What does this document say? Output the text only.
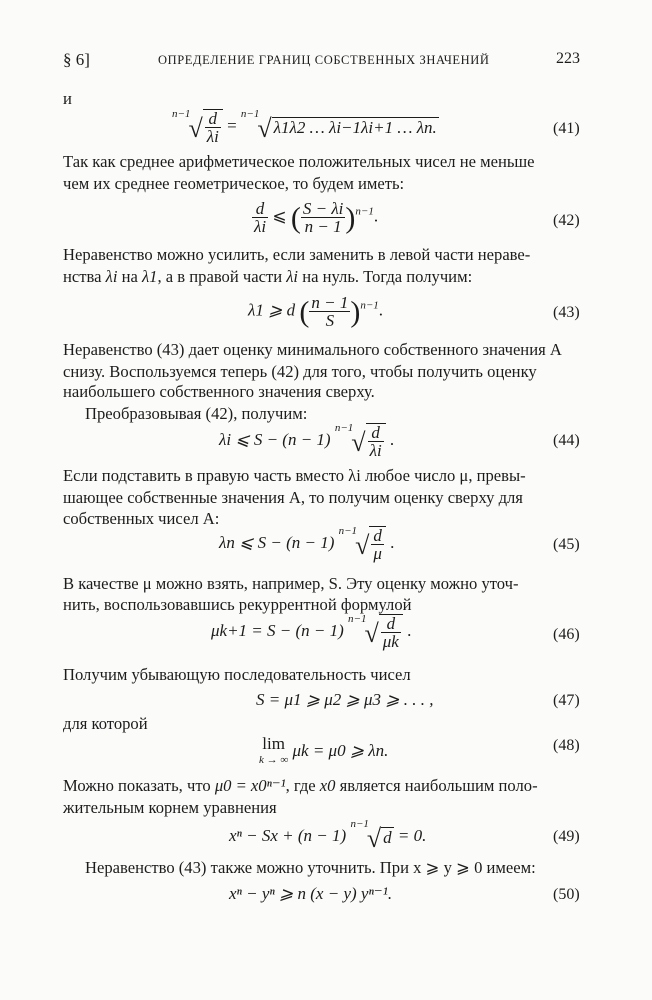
§ 6]	ОПРЕДЕЛЕНИЕ ГРАНИЦ СОБСТВЕННЫХ ЗНАЧЕНИЙ	223
и
$^{n-1}√ \frac{d}{\lambda i} = ^{n-1}√$ λ1λ2 … λi−1λi+1 … λn.	(41)
Так как среднее арифметическое положительных чисел не меньше
чем их среднее геометрическое, то будем иметь:
$\frac{d}{\lambda i}$ ⩽ ( $\frac{S - \lambda i}{n - 1} )^{n-1}$.	(42)
Неравенство можно усилить, если заменить в левой части нераве-
нства λi на λ1, а в правой части λi на нуль. Тогда получим:
λ1 ⩾ d ( $\frac{n - 1}{S} )^{n-1}$.	(43)
Неравенство (43) дает оценку минимального собственного значения A
снизу. Воспользуемся теперь (42) для того, чтобы получить оценку
наибольшего собственного значения сверху.
Преобразовывая (42), получим:
λi ⩽ S − (n − 1) $^{n-1}√ \frac{d}{\lambda i}$ .	(44)
Если подставить в правую часть вместо λi любое число μ, превы-
шающее собственные значения A, то получим оценку сверху для
собственных чисел A:
λn ⩽ S − (n − 1) $^{n-1}√ \frac{d}{\mu}$ .	(45)
В качестве μ можно взять, например, S. Эту оценку можно уточ-
нить, воспользовавшись рекуррентной формулой
μk+1 = S − (n − 1) $^{n-1}√ \frac{d}{\mu k}$ .	(46)
Получим убывающую последовательность чисел
S = μ1 ⩾ μ2 ⩾ μ3 ⩾ . . . ,	(47)
для которой
lim
k → ∞
μk = μ0 ⩾ λn.	(48)
Можно показать, что μ0 = x0ⁿ⁻¹, где x0 является наибольшим поло-
жительным корнем уравнения
xⁿ − Sx + (n − 1) $^{n-1}$√ d = 0.	(49)
Неравенство (43) также можно уточнить. При x ⩾ y ⩾ 0 имеем:
xⁿ − yⁿ ⩾ n (x − y) yⁿ⁻¹.	(50)
